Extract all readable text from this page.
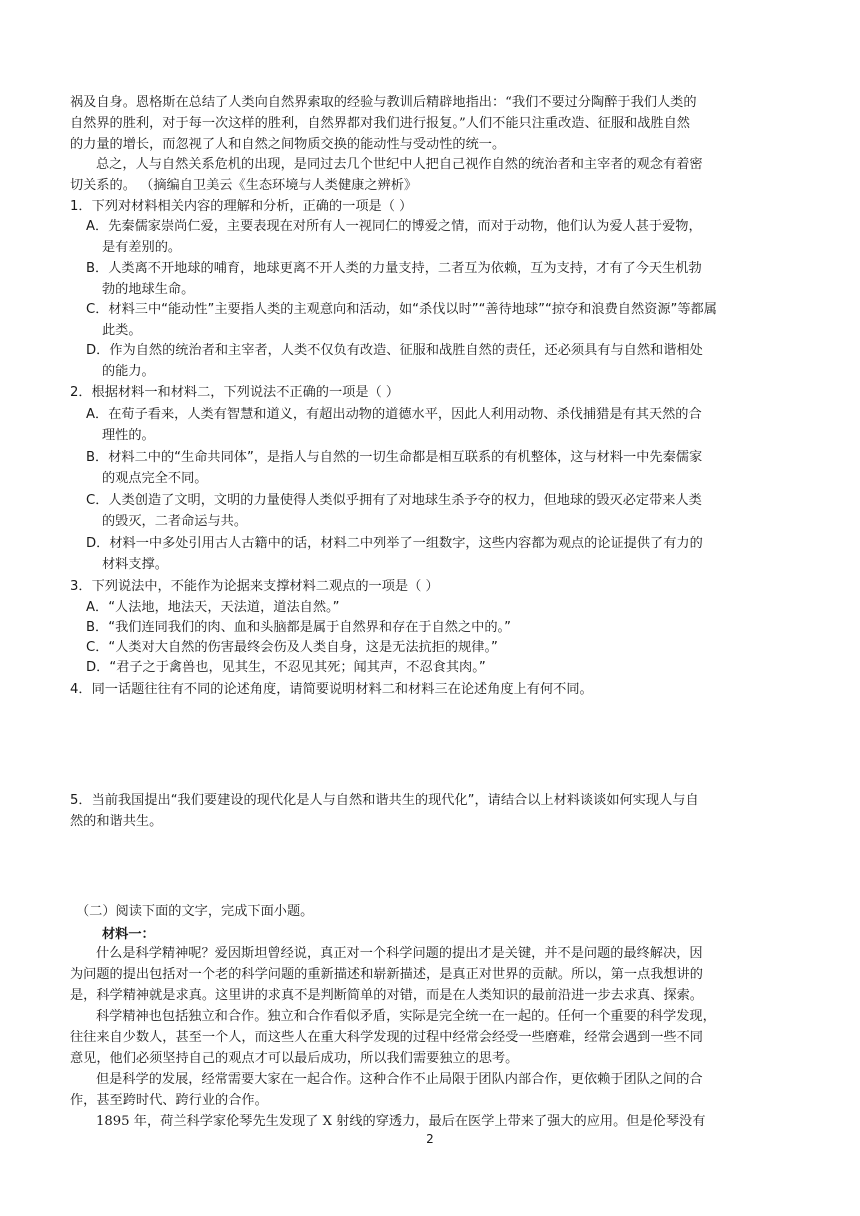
祸及自身。恩格斯在总结了人类向自然界索取的经验与教训后精辟地指出：“我们不要过分陶醉于我们人类的
自然界的胜利，对于每一次这样的胜利，自然界都对我们进行报复。”人们不能只注重改造、征服和战胜自然
的力量的增长，而忽视了人和自然之间物质交换的能动性与受动性的统一。
总之，人与自然关系危机的出现，是同过去几个世纪中人把自己视作自然的统治者和主宰者的观念有着密
切关系的。 （摘编自卫美云《生态环境与人类健康之辨析》
1．下列对材料相关内容的理解和分析，正确的一项是（ ）
A．先秦儒家崇尚仁爱，主要表现在对所有人一视同仁的博爱之情，而对于动物，他们认为爱人甚于爱物，
是有差别的。
B．人类离不开地球的哺育，地球更离不开人类的力量支持，二者互为依赖，互为支持，才有了今天生机勃
勃的地球生命。
C．材料三中“能动性”主要指人类的主观意向和活动，如“杀伐以时”“善待地球”“掠夺和浪费自然资源”等都属
此类。
D．作为自然的统治者和主宰者，人类不仅负有改造、征服和战胜自然的责任，还必须具有与自然和谐相处
的能力。
2．根据材料一和材料二，下列说法不正确的一项是（ ）
A．在荀子看来，人类有智慧和道义，有超出动物的道德水平，因此人利用动物、杀伐捕猎是有其天然的合
理性的。
B．材料二中的“生命共同体”，是指人与自然的一切生命都是相互联系的有机整体，这与材料一中先秦儒家
的观点完全不同。
C．人类创造了文明，文明的力量使得人类似乎拥有了对地球生杀予夺的权力，但地球的毁灭必定带来人类
的毁灭，二者命运与共。
D．材料一中多处引用古人古籍中的话，材料二中列举了一组数字，这些内容都为观点的论证提供了有力的
材料支撑。
3．下列说法中，不能作为论据来支撑材料二观点的一项是（ ）
A．“人法地，地法天，天法道，道法自然。”
B．“我们连同我们的肉、血和头脑都是属于自然界和存在于自然之中的。”
C．“人类对大自然的伤害最终会伤及人类自身，这是无法抗拒的规律。”
D．“君子之于禽兽也，见其生，不忍见其死；闻其声，不忍食其肉。”
4．同一话题往往有不同的论述角度，请简要说明材料二和材料三在论述角度上有何不同。
5．当前我国提出“我们要建设的现代化是人与自然和谐共生的现代化”，请结合以上材料谈谈如何实现人与自
然的和谐共生。
（二）阅读下面的文字，完成下面小题。
材料一：
什么是科学精神呢？爱因斯坦曾经说，真正对一个科学问题的提出才是关键，并不是问题的最终解决，因
为问题的提出包括对一个老的科学问题的重新描述和崭新描述，是真正对世界的贡献。所以，第一点我想讲的
是，科学精神就是求真。这里讲的求真不是判断简单的对错，而是在人类知识的最前沿进一步去求真、探索。
科学精神也包括独立和合作。独立和合作看似矛盾，实际是完全统一在一起的。任何一个重要的科学发现，
往往来自少数人，甚至一个人，而这些人在重大科学发现的过程中经常会经受一些磨难，经常会遇到一些不同
意见，他们必须坚持自己的观点才可以最后成功，所以我们需要独立的思考。
但是科学的发展，经常需要大家在一起合作。这种合作不止局限于团队内部合作，更依赖于团队之间的合
作，甚至跨时代、跨行业的合作。
1895 年，荷兰科学家伦琴先生发现了 X 射线的穿透力，最后在医学上带来了强大的应用。但是伦琴没有
2
